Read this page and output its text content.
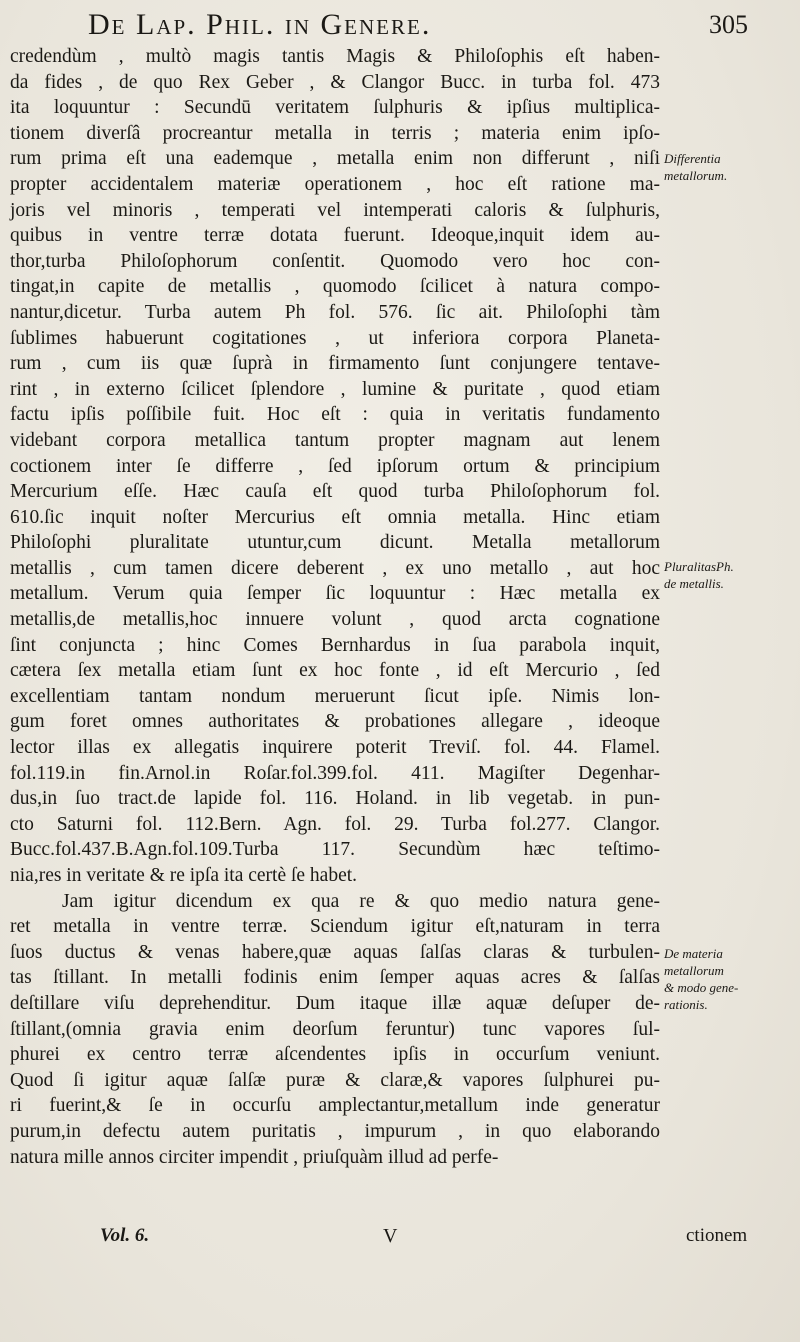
De Lap. Phil. in Genere.	305
credendùm , multò magis tantis Magis & Philoſophis eſt haben-
da fides , de quo Rex Geber , & Clangor Bucc. in turba fol. 473
ita loquuntur : Secundū veritatem ſulphuris & ipſius multiplica-
tionem diverſâ procreantur metalla in terris ; materia enim ipſo-
rum prima eſt una eademque , metalla enim non differunt , niſi
propter accidentalem materiæ operationem , hoc eſt ratione ma-
joris vel minoris , temperati vel intemperati caloris & ſulphuris,
quibus in ventre terræ dotata fuerunt. Ideoque,inquit idem au-
thor,turba Philoſophorum conſentit. Quomodo vero hoc con-
tingat,in capite de metallis , quomodo ſcilicet à natura compo-
nantur,dicetur. Turba autem Ph fol. 576. ſic ait. Philoſophi tàm
ſublimes habuerunt cogitationes , ut inferiora corpora Planeta-
rum , cum iis quæ ſuprà in firmamento ſunt conjungere tentave-
rint , in externo ſcilicet ſplendore , lumine & puritate , quod etiam
factu ipſis poſſibile fuit. Hoc eſt : quia in veritatis fundamento
videbant corpora metallica tantum propter magnam aut lenem
coctionem inter ſe differre , ſed ipſorum ortum & principium
Mercurium eſſe. Hæc cauſa eſt quod turba Philoſophorum fol.
610.ſic inquit noſter Mercurius eſt omnia metalla. Hinc etiam
Philoſophi pluralitate utuntur,cum dicunt. Metalla metallorum
metallis , cum tamen dicere deberent , ex uno metallo , aut hoc
metallum. Verum quia ſemper ſic loquuntur : Hæc metalla ex
metallis,de metallis,hoc innuere volunt , quod arcta cognatione
ſint conjuncta ; hinc Comes Bernhardus in ſua parabola inquit,
cætera ſex metalla etiam ſunt ex hoc fonte , id eſt Mercurio , ſed
excellentiam tantam nondum meruerunt ſicut ipſe. Nimis lon-
gum foret omnes authoritates & probationes allegare , ideoque
lector illas ex allegatis inquirere poterit Treviſ. fol. 44. Flamel.
fol.119.in fin.Arnol.in Roſar.fol.399.fol. 411. Magiſter Degenhar-
dus,in ſuo tract.de lapide fol. 116. Holand. in lib vegetab. in pun-
cto Saturni fol. 112.Bern. Agn. fol. 29. Turba fol.277. Clangor.
Bucc.fol.437.B.Agn.fol.109.Turba 117. Secundùm hæc teſtimo-
nia,res in veritate & re ipſa ita certè ſe habet.
Jam igitur dicendum ex qua re & quo medio natura gene-
ret metalla in ventre terræ. Sciendum igitur eſt,naturam in terra
ſuos ductus & venas habere,quæ aquas ſalſas claras & turbulen-
tas ſtillant. In metalli fodinis enim ſemper aquas acres & ſalſas
deſtillare viſu deprehenditur. Dum itaque illæ aquæ deſuper de-
ſtillant,(omnia gravia enim deorſum feruntur) tunc vapores ſul-
phurei ex centro terræ aſcendentes ipſis in occurſum veniunt.
Quod ſi igitur aquæ ſalſæ puræ & claræ,& vapores ſulphurei pu-
ri fuerint,& ſe in occurſu amplectantur,metallum inde generatur
purum,in defectu autem puritatis , impurum , in quo elaborando
natura mille annos circiter impendit , priuſquàm illud ad perfe-
Differentia
metallorum.
PluralitasPh.
de metallis.
De materia
metallorum
& modo gene-
rationis.
Vol. 6.	V	ctionem
